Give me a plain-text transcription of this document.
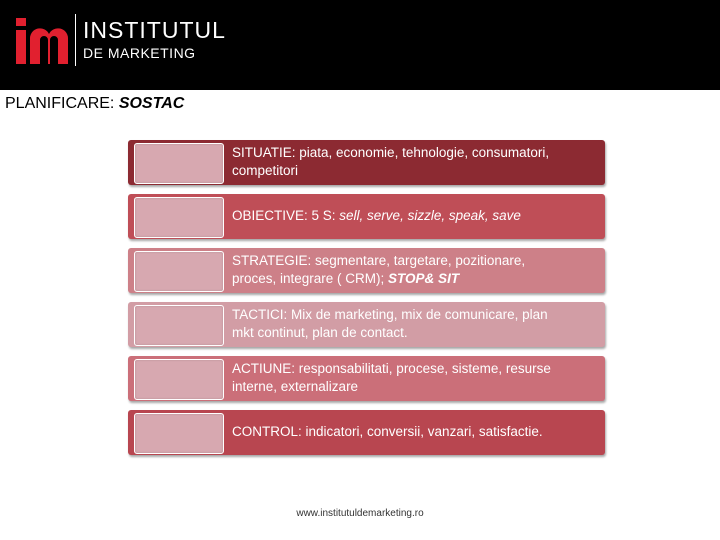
INSTITUTUL
DE MARKETING
PLANIFICARE: SOSTAC
SITUATIE: piata, economie, tehnologie, consumatori,
competitori
OBIECTIVE: 5 S: sell, serve, sizzle, speak, save
STRATEGIE: segmentare, targetare, pozitionare,
proces, integrare ( CRM); STOP& SIT
TACTICI: Mix de marketing, mix de comunicare, plan
mkt continut, plan de contact.
ACTIUNE: responsabilitati, procese, sisteme, resurse
interne, externalizare
CONTROL: indicatori, conversii, vanzari, satisfactie.
www.institutuldemarketing.ro
